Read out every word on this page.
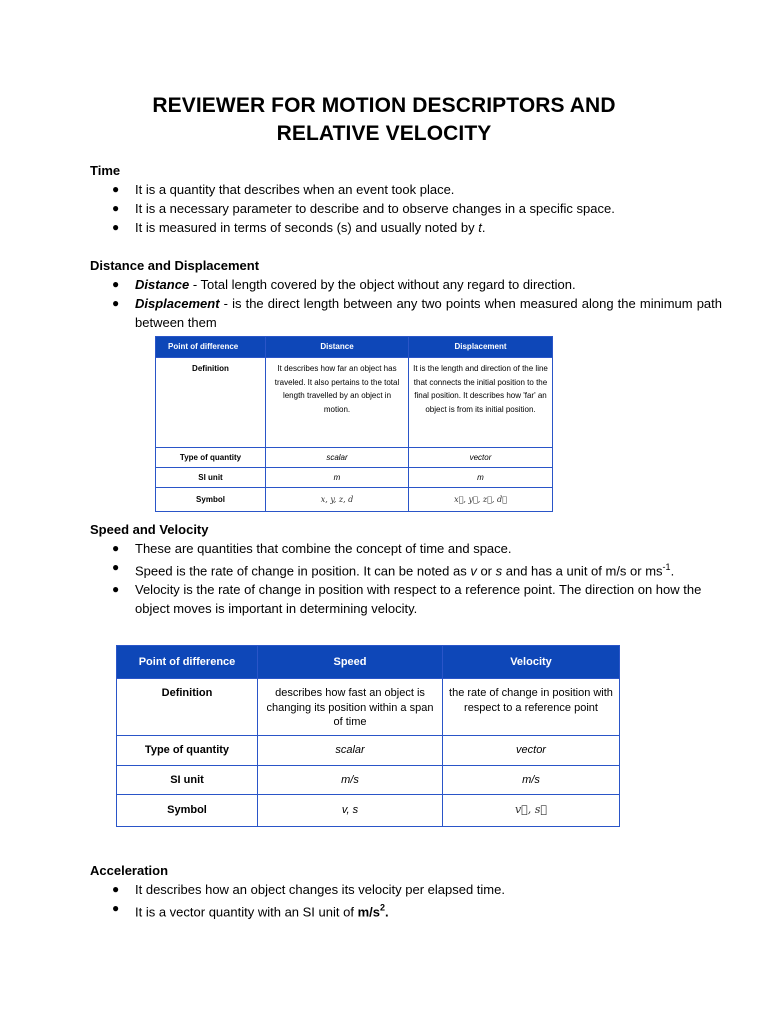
REVIEWER FOR MOTION DESCRIPTORS AND
RELATIVE VELOCITY
Time
● It is a quantity that describes when an event took place.
● It is a necessary parameter to describe and to observe changes in a specific space.
● It is measured in terms of seconds (s) and usually noted by t.
Distance and Displacement
● Distance - Total length covered by the object without any regard to direction.
● Displacement - is the direct length between any two points when measured along the minimum path between them
Point of difference	Distance	Displacement
Definition	It describes how far an object has traveled. It also pertains to the total length travelled by an object in motion.	It is the length and direction of the line that connects the initial position to the final position. It describes how 'far' an object is from its initial position.
Type of quantity	scalar	vector
SI unit	m	m
Symbol	x, y, z, d	x⃗, y⃗, z⃗, d⃗
Speed and Velocity
● These are quantities that combine the concept of time and space.
● Speed is the rate of change in position. It can be noted as v or s and has a unit of m/s or $ms^{-1}$.
● Velocity is the rate of change in position with respect to a reference point. The direction on how the object moves is important in determining velocity.
Point of difference	Speed	Velocity
Definition	describes how fast an object is changing its position within a span of time	the rate of change in position with respect to a reference point
Type of quantity	scalar	vector
SI unit	m/s	m/s
Symbol	v, s	v⃗, s⃗
Acceleration
● It describes how an object changes its velocity per elapsed time.
● It is a vector quantity with an SI unit of $m/s^2$.
